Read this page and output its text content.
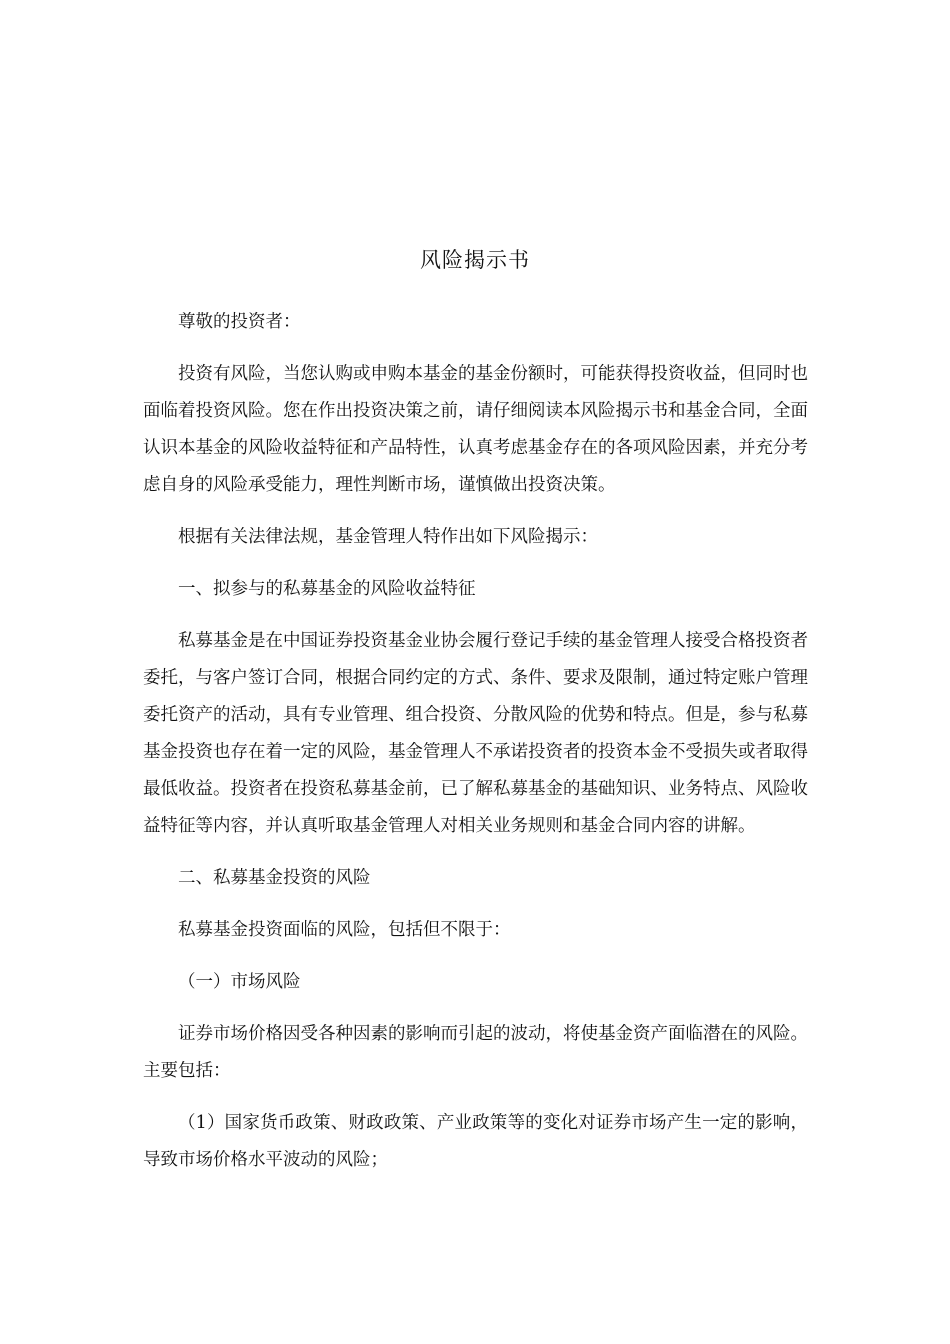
风险揭示书

尊敬的投资者：

投资有风险，当您认购或申购本基金的基金份额时，可能获得投资收益，但同时也面临着投资风险。您在作出投资决策之前，请仔细阅读本风险揭示书和基金合同，全面认识本基金的风险收益特征和产品特性，认真考虑基金存在的各项风险因素，并充分考虑自身的风险承受能力，理性判断市场，谨慎做出投资决策。

根据有关法律法规，基金管理人特作出如下风险揭示：

一、拟参与的私募基金的风险收益特征

私募基金是在中国证券投资基金业协会履行登记手续的基金管理人接受合格投资者委托，与客户签订合同，根据合同约定的方式、条件、要求及限制，通过特定账户管理委托资产的活动，具有专业管理、组合投资、分散风险的优势和特点。但是，参与私募基金投资也存在着一定的风险，基金管理人不承诺投资者的投资本金不受损失或者取得最低收益。投资者在投资私募基金前，已了解私募基金的基础知识、业务特点、风险收益特征等内容，并认真听取基金管理人对相关业务规则和基金合同内容的讲解。

二、私募基金投资的风险

私募基金投资面临的风险，包括但不限于：

（一）市场风险

证券市场价格因受各种因素的影响而引起的波动，将使基金资产面临潜在的风险。主要包括：

（1）国家货币政策、财政政策、产业政策等的变化对证券市场产生一定的影响，导致市场价格水平波动的风险；
